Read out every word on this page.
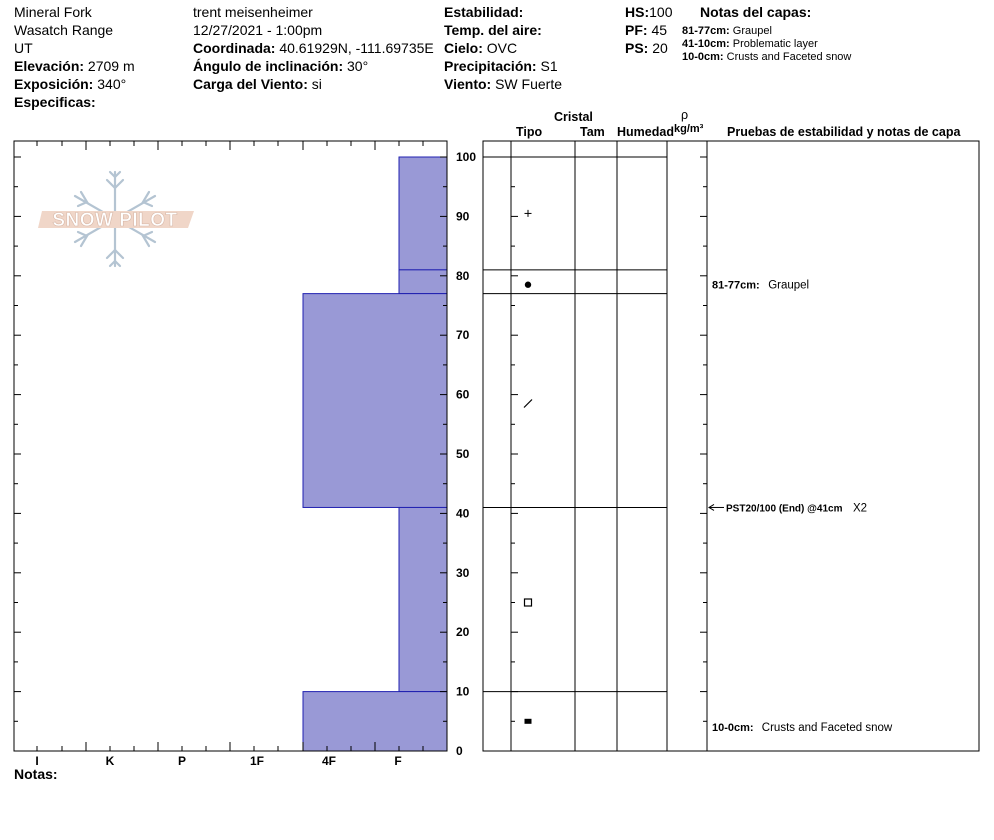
Mineral Fork
Wasatch Range
UT
Elevación: 2709 m
Exposición: 340°
Especificas:
trent meisenheimer
12/27/2021 - 1:00pm
Coordinada: 40.61929N, -111.69735E
Ángulo de inclinación: 30°
Carga del Viento: si
Estabilidad:
Temp. del aire:
Cielo: OVC
Precipitación: S1
Viento: SW Fuerte
HS:100
PF: 45
PS: 20
Notas del capas:
81-77cm: Graupel
41-10cm: Problematic layer
10-0cm: Crusts and Faceted snow
Cristal
Tipo	Tam Humedad
ρ
kg/m³ Pruebas de estabilidad y notas de capa
SNOW PILOT
I	K	P	1F	4F	F
0
10
20
30
40
50
60
70
80
90
100
81-77cm: Graupel
10-0cm: Crusts and Faceted snow
PST20/100 (End) @41cm X2
Notas:
